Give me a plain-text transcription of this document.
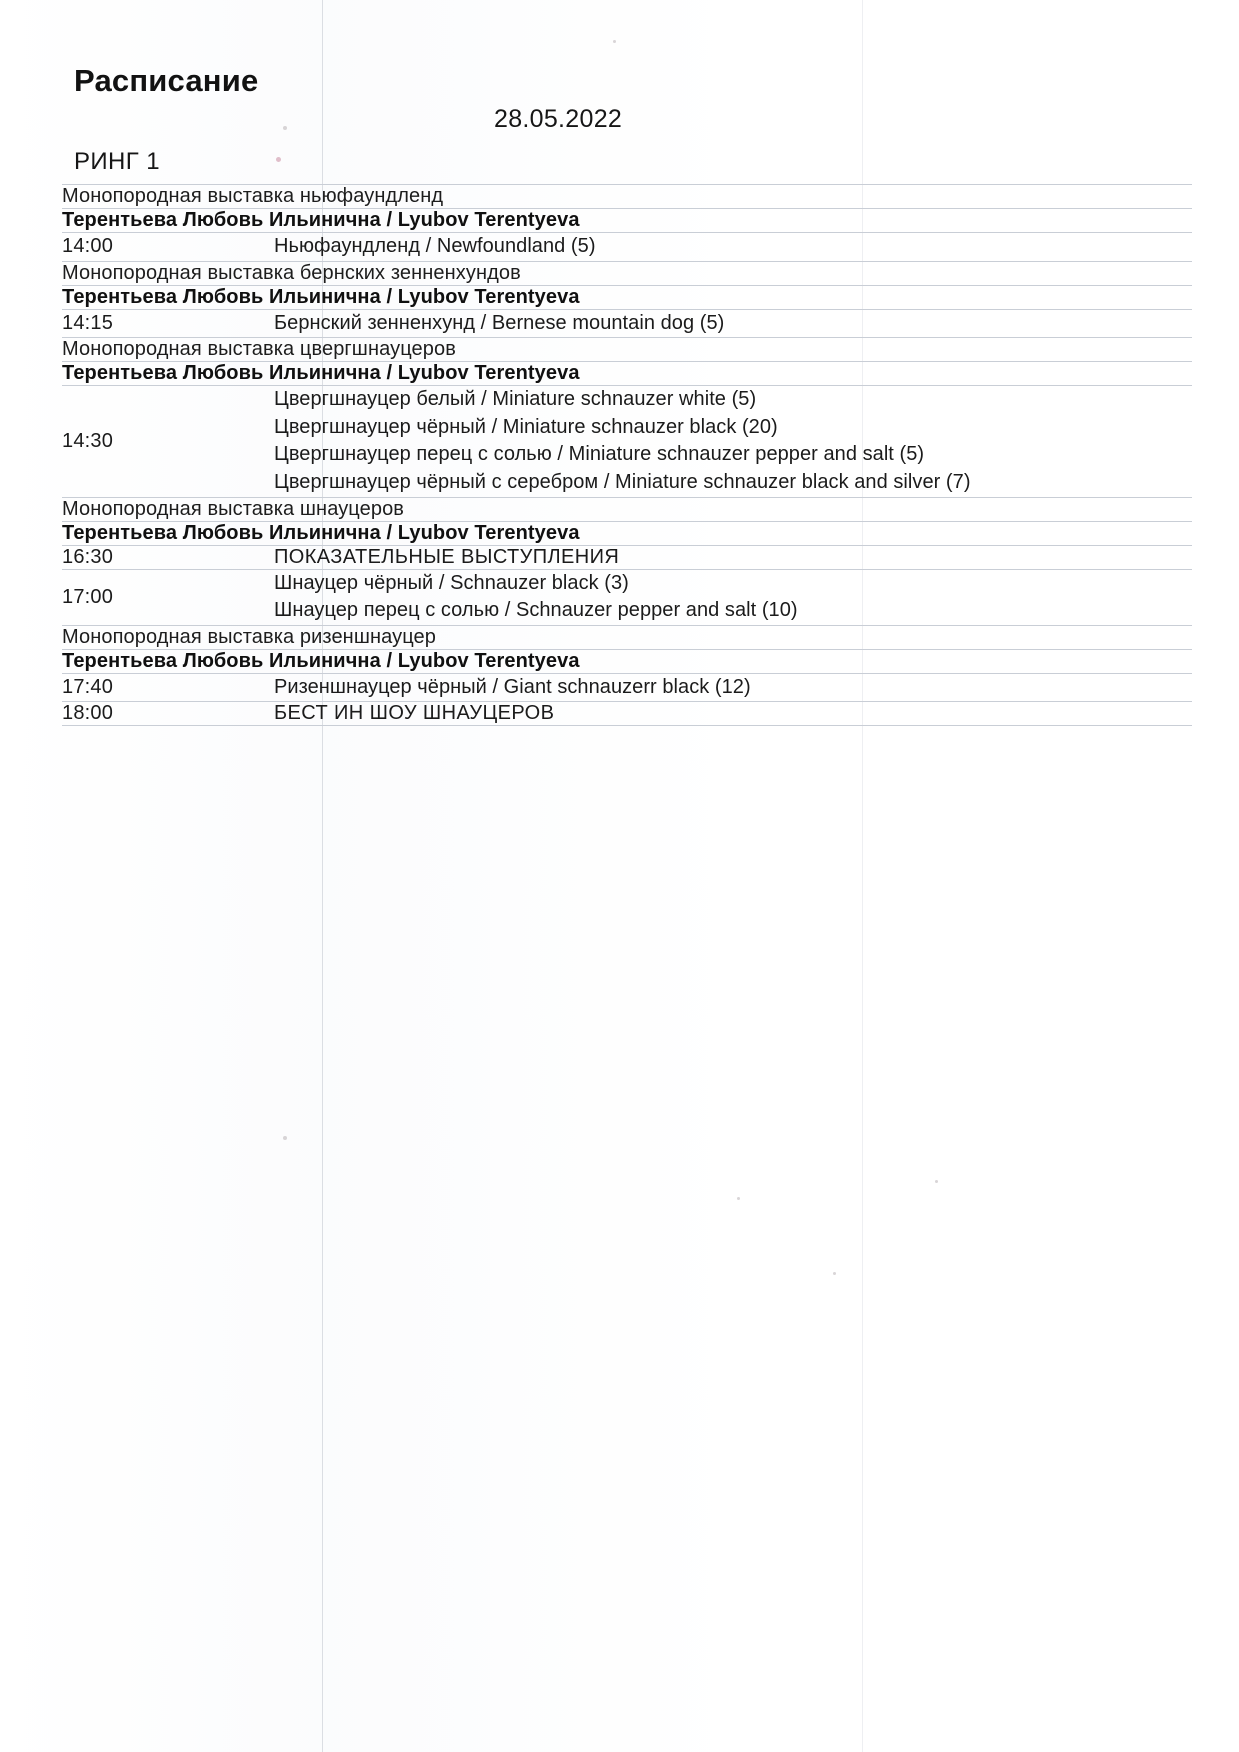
Расписание
28.05.2022
РИНГ 1
Монопородная выставка ньюфаундленд	
Терентьева Любовь Ильинична / Lyubov Terentyeva	
14:00	Ньюфаундленд / Newfoundland (5)

Монопородная выставка бернских зенненхундов	
Терентьева Любовь Ильинична / Lyubov Terentyeva	
14:15	Бернский зенненхунд / Bernese mountain dog (5)

Монопородная выставка цвергшнауцеров	
Терентьева Любовь Ильинична / Lyubov Terentyeva	
14:30	Цвергшнауцер белый / Miniature schnauzer white (5)
Цвергшнауцер чёрный / Miniature schnauzer black (20)
Цвергшнауцер перец с солью / Miniature schnauzer pepper and salt (5)
Цвергшнауцер чёрный с серебром / Miniature schnauzer black and silver (7)

Монопородная выставка шнауцеров	
Терентьева Любовь Ильинична / Lyubov Terentyeva	
16:30	ПОКАЗАТЕЛЬНЫЕ ВЫСТУПЛЕНИЯ
17:00	Шнауцер чёрный / Schnauzer black (3)
Шнауцер перец с солью / Schnauzer pepper and salt (10)

Монопородная выставка ризеншнауцер	
Терентьева Любовь Ильинична / Lyubov Terentyeva	
17:40	Ризеншнауцер чёрный / Giant schnauzerr black (12)

18:00	БЕСТ ИН ШОУ ШНАУЦЕРОВ
